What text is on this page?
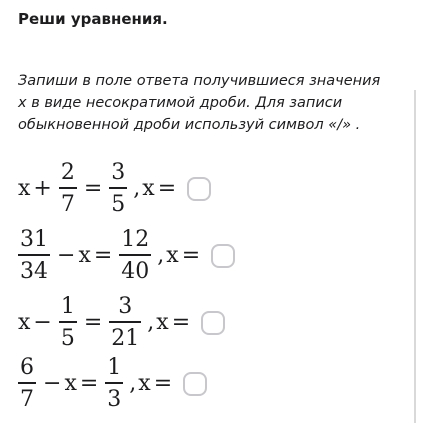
Реши уравнения.
Запиши в поле ответа получившиеся значения
x в виде несократимой дроби. Для записи
обыкновенной дроби используй символ «/» .
$x + \frac{2}{7} = \frac{3}{5}$ , x =
$\frac{31}{34} - x = \frac{12}{40}$ , x =
$x - \frac{1}{5} = \frac{3}{21}$ , x =
$\frac{6}{7} - x = \frac{1}{3}$ , x =
